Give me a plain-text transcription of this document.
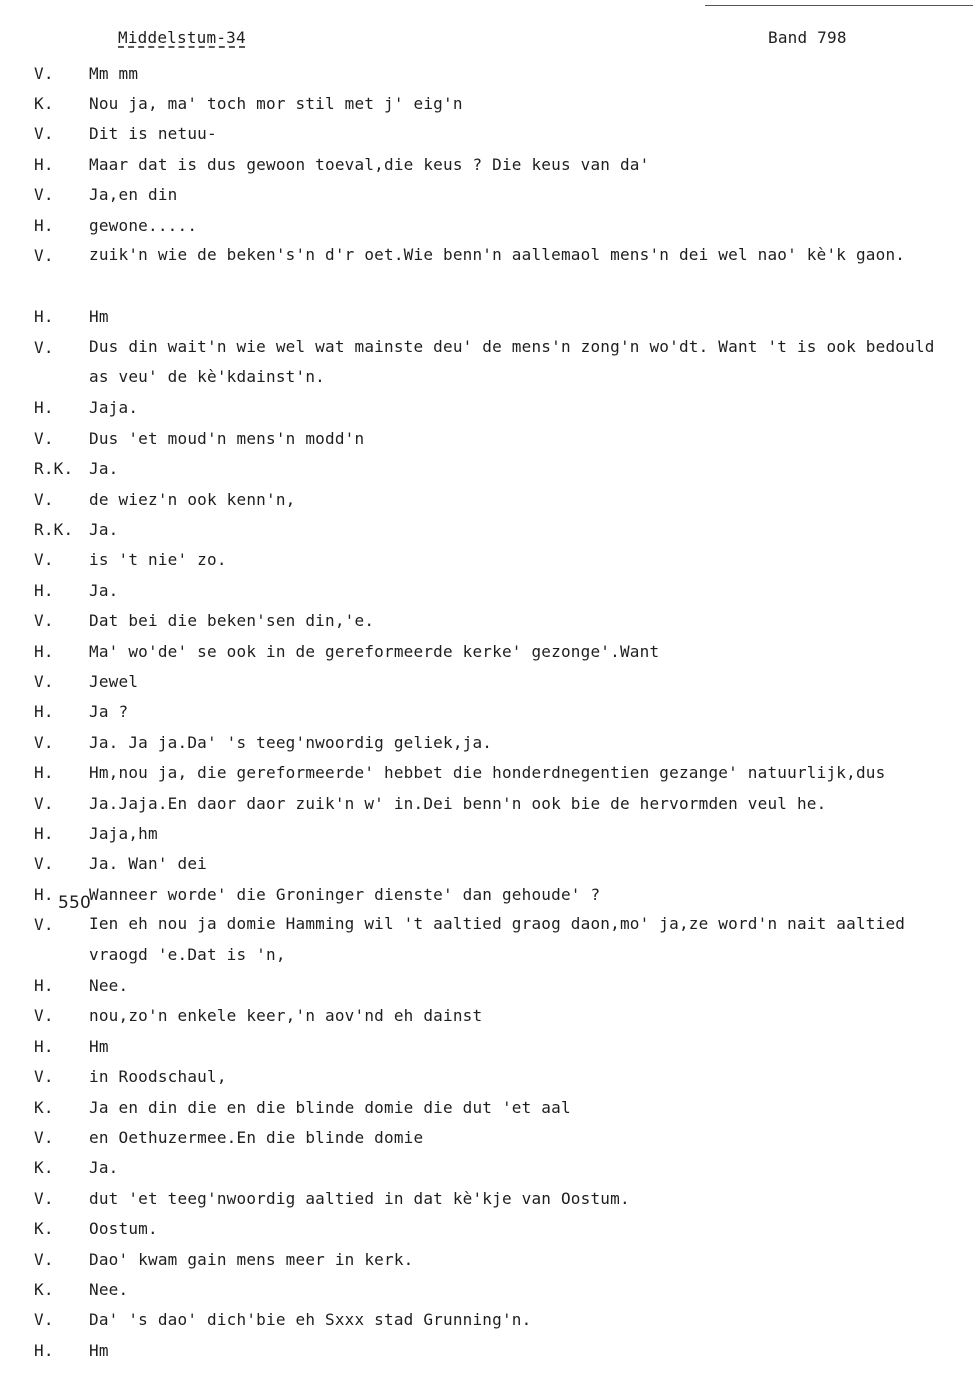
Middelstum-34	Band 798
550
V.	Mm mm
K.	Nou ja, ma' toch mor stil met j' eig'n
V.	Dit is netuu-
H.	Maar dat is dus gewoon toeval,die keus ? Die keus van da'
V.	Ja,en din
H.	gewone.....
V.	zuik'n wie de beken's'n d'r oet.Wie benn'n aallemaol mens'n dei wel nao' kè'k gaon.
H.	Hm
V.	Dus din wait'n wie wel wat mainste deu' de mens'n zong'n wo'dt. Want 't is ook bedould as veu' de kè'kdainst'n.
H.	Jaja.
V.	Dus 'et moud'n mens'n modd'n
R.K. Ja.
V.	de wiez'n ook kenn'n,
R.K. Ja.
V.	is 't nie' zo.
H.	Ja.
V.	Dat bei die beken'sen din,'e.
H.	Ma' wo'de' se ook in de gereformeerde kerke' gezonge'.Want
V.	Jewel
H.	Ja ?
V.	Ja. Ja ja.Da' 's teeg'nwoordig geliek,ja.
H.	Hm,nou ja, die gereformeerde' hebbet die honderdnegentien gezange' natuurlijk,dus
V.	Ja.Jaja.En daor daor zuik'n w' in.Dei benn'n ook bie de hervormden veul he.
H.	Jaja,hm
V.	Ja. Wan' dei
H.	Wanneer worde' die Groninger dienste' dan gehoude' ?
V.	Ien eh nou ja domie Hamming wil 't aaltied graog daon,mo' ja,ze word'n nait aaltied vraogd 'e.Dat is 'n,
H.	Nee.
V.	nou,zo'n enkele keer,'n aov'nd eh dainst
H.	Hm
V.	in Roodschaul,
K.	Ja en din die en die blinde domie die dut 'et aal
V.	en Oethuzermee.En die blinde domie
K.	Ja.
V.	dut 'et teeg'nwoordig aaltied in dat kè'kje van Oostum.
K.	Oostum.
V.	Dao' kwam gain mens meer in kerk.
K.	Nee.
V.	Da' 's dao' dich'bie eh Sxxx stad Grunning'n.
H.	Hm
